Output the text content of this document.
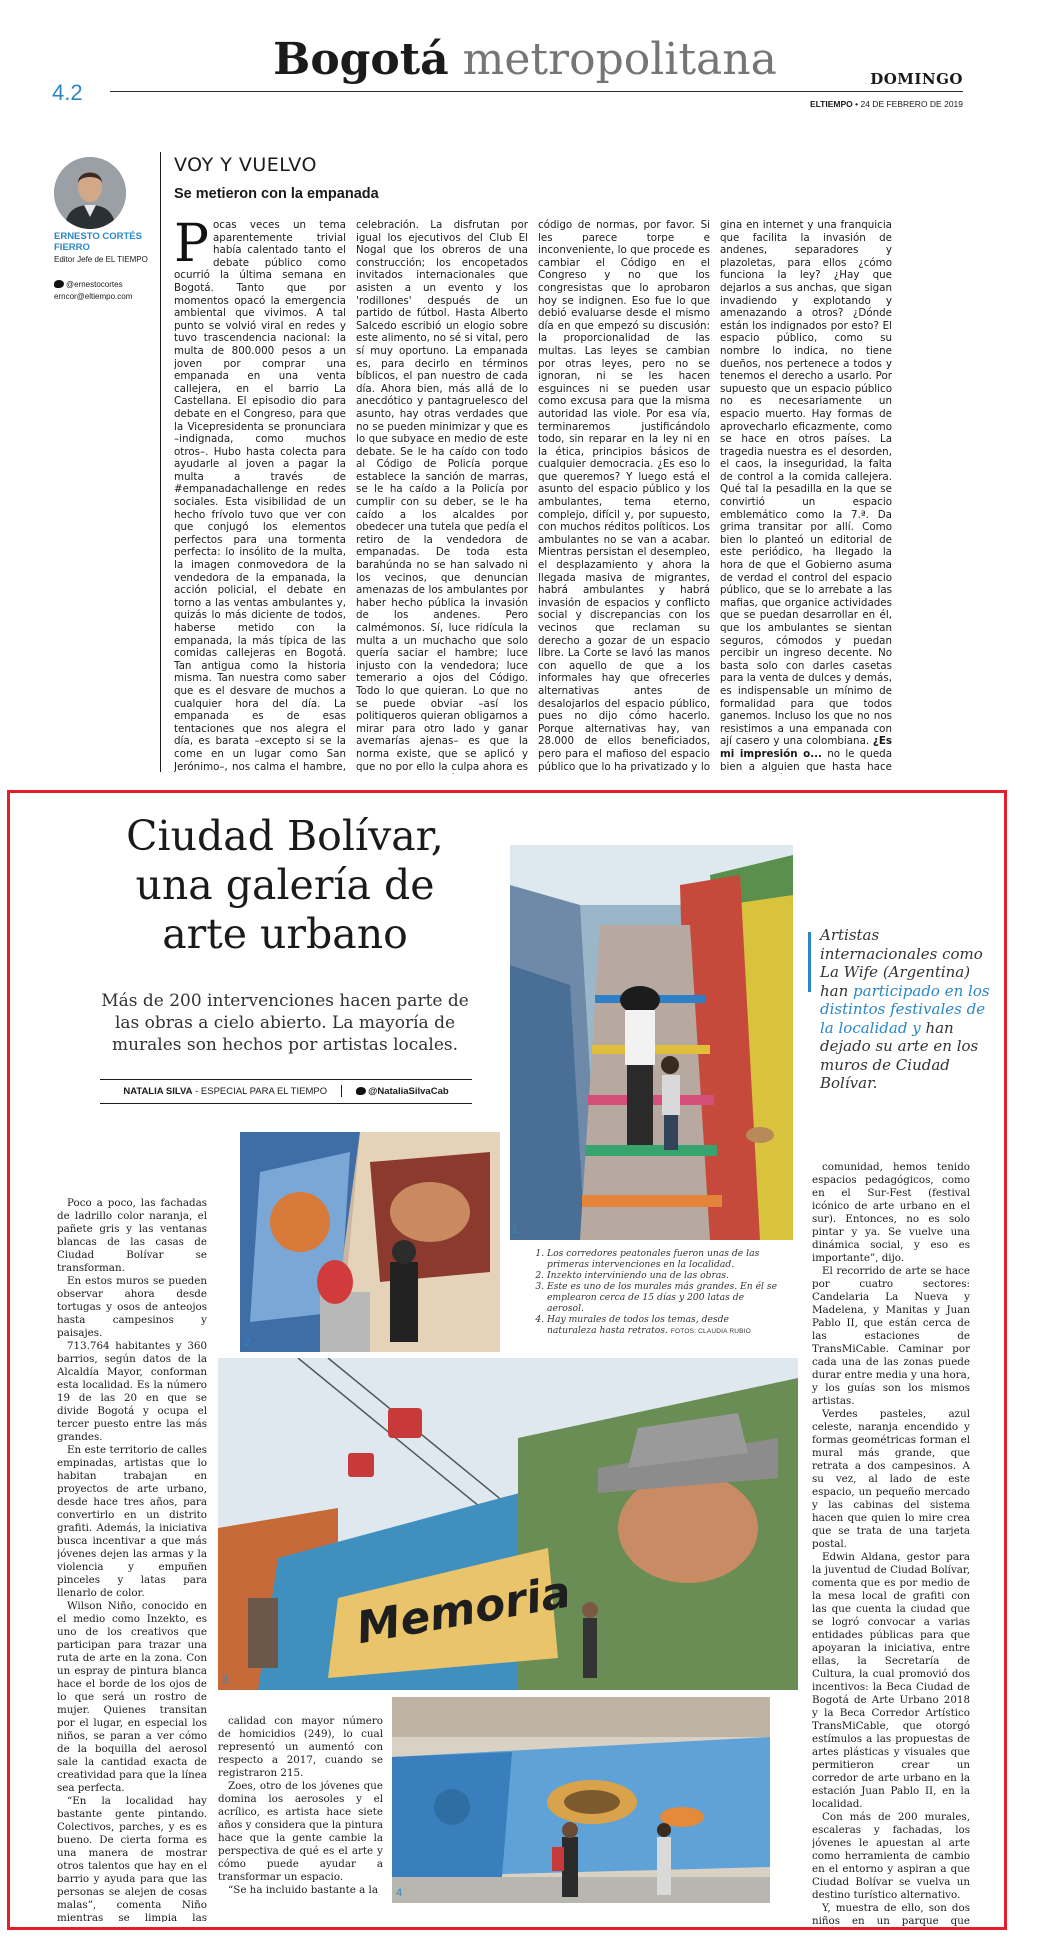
4.2
Bogotá metropolitana	DOMINGO
ELTIEMPO • 24 DE FEBRERO DE 2019
ERNESTO CORTÉS FIERRO
Editor Jefe de EL TIEMPO
@ernestocortes
erncor@eltiempo.com
VOY Y VUELVO
Se metieron con la empanada
Pocas veces un tema aparentemente trivial había calentado tanto el debate público como ocurrió la última semana en Bogotá. Tanto que por momentos opacó la emergencia ambiental que vivimos. A tal punto se volvió viral en redes y tuvo trascendencia nacional: la multa de 800.000 pesos a un joven por comprar una empanada en una venta callejera, en el barrio La Castellana. El episodio dio para debate en el Congreso, para que la Vicepresidenta se pronunciara –indignada, como muchos otros–. Hubo hasta colecta para ayudarle al joven a pagar la multa a través de #empanadachallenge en redes sociales. Esta visibilidad de un hecho frívolo tuvo que ver con que conjugó los elementos perfectos para una tormenta perfecta: lo insólito de la multa, la imagen conmovedora de la vendedora de la empanada, la acción policial, el debate en torno a las ventas ambulantes y, quizás lo más diciente de todos, haberse metido con la empanada, la más típica de las comidas callejeras en Bogotá. Tan antigua como la historia misma. Tan nuestra como saber que es el desvare de muchos a cualquier hora del día. La empanada es de esas tentaciones que nos alegra el día, es barata –excepto si se la come en un lugar como San Jerónimo–, nos calma el hambre,
celebración. La disfrutan por igual los ejecutivos del Club El Nogal que los obreros de una construcción; los encopetados invitados internacionales que asisten a un evento y los 'rodillones' después de un partido de fútbol. Hasta Alberto Salcedo escribió un elogio sobre este alimento, no sé si vital, pero sí muy oportuno. La empanada es, para decirlo en términos bíblicos, el pan nuestro de cada día. Ahora bien, más allá de lo anecdótico y pantagruelesco del asunto, hay otras verdades que no se pueden minimizar y que es lo que subyace en medio de este debate. Se le ha caído con todo al Código de Policía porque establece la sanción de marras, se le ha caído a la Policía por cumplir con su deber, se le ha caído a los alcaldes por obedecer una tutela que pedía el retiro de la vendedora de empanadas. De toda esta barahúnda no se han salvado ni los vecinos, que denuncian amenazas de los ambulantes por haber hecho pública la invasión de los andenes. Pero calmémonos. Sí, luce ridícula la multa a un muchacho que solo quería saciar el hambre; luce injusto con la vendedora; luce temerario a ojos del Código. Todo lo que quieran. Lo que no se puede obviar –así los politiqueros quieran obligarnos a mirar para otro lado y ganar avemarías ajenas– es que la norma existe, que se aplicó y que no por ello la culpa ahora es
código de normas, por favor. Si les parece torpe e inconveniente, lo que procede es cambiar el Código en el Congreso y no que los congresistas que lo aprobaron hoy se indignen. Eso fue lo que debió evaluarse desde el mismo día en que empezó su discusión: la proporcionalidad de las multas. Las leyes se cambian por otras leyes, pero no se ignoran, ni se les hacen esguinces ni se pueden usar como excusa para que la misma autoridad las viole. Por esa vía, terminaremos justificándolo todo, sin reparar en la ley ni en la ética, principios básicos de cualquier democracia. ¿Es eso lo que queremos? Y luego está el asunto del espacio público y los ambulantes, tema eterno, complejo, difícil y, por supuesto, con muchos réditos políticos. Los ambulantes no se van a acabar. Mientras persistan el desempleo, el desplazamiento y ahora la llegada masiva de migrantes, habrá ambulantes y habrá invasión de espacios y conflicto social y discrepancias con los vecinos que reclaman su derecho a gozar de un espacio libre. La Corte se lavó las manos con aquello de que a los informales hay que ofrecerles alternativas antes de desalojarlos del espacio público, pues no dijo cómo hacerlo. Porque alternativas hay, van 28.000 de ellos beneficiados, pero para el mafioso del espacio público que lo ha privatizado y lo
gina en internet y una franquicia que facilita la invasión de andenes, separadores y plazoletas, para ellos ¿cómo funciona la ley? ¿Hay que dejarlos a sus anchas, que sigan invadiendo y explotando y amenazando a otros? ¿Dónde están los indignados por esto? El espacio público, como su nombre lo indica, no tiene dueños, nos pertenece a todos y tenemos el derecho a usarlo. Por supuesto que un espacio público no es necesariamente un espacio muerto. Hay formas de aprovecharlo eficazmente, como se hace en otros países. La tragedia nuestra es el desorden, el caos, la inseguridad, la falta de control a la comida callejera. Qué tal la pesadilla en la que se convirtió un espacio emblemático como la 7.ª. Da grima transitar por allí. Como bien lo planteó un editorial de este periódico, ha llegado la hora de que el Gobierno asuma de verdad el control del espacio público, que se lo arrebate a las mafias, que organice actividades que se puedan desarrollar en él, que los ambulantes se sientan seguros, cómodos y puedan percibir un ingreso decente. No basta solo con darles casetas para la venta de dulces y demás, es indispensable un mínimo de formalidad para que todos ganemos. Incluso los que no nos resistimos a una empanada con ají casero y una colombiana. ¿Es mi impresión o... no le queda bien a alguien que hasta hace
Ciudad Bolívar, una galería de arte urbano
Más de 200 intervenciones hacen parte de las obras a cielo abierto. La mayoría de murales son hechos por artistas locales.
NATALIA SILVA
- ESPECIAL PARA EL TIEMPO	@NataliaSilvaCab
Artistas internacionales como La Wife (Argentina) han participado en los distintos festivales de la localidad y han dejado su arte en los muros de Ciudad Bolívar.
1
2
1. Los corredores peatonales fueron unas de las primeras intervenciones en la localidad.
2. Inzekto interviniendo una de las obras.
3. Este es uno de los murales más grandes. En él se emplearon cerca de 15 días y 200 latas de aerosol.
4. Hay murales de todos los temas, desde naturaleza hasta retratos. FOTOS: CLAUDIA RUBIO
Memoria
3
4

Poco a poco, las fachadas de ladrillo color naranja, el pañete gris y las ventanas blancas de las casas de Ciudad Bolívar se transforman.

En estos muros se pueden observar ahora desde tortugas y osos de anteojos hasta campesinos y paisajes.

713.764 habitantes y 360 barrios, según datos de la Alcaldía Mayor, conforman esta localidad. Es la número 19 de las 20 en que se divide Bogotá y ocupa el tercer puesto entre las más grandes.

En este territorio de calles empinadas, artistas que lo habitan trabajan en proyectos de arte urbano, desde hace tres años, para convertirlo en un distrito grafiti. Además, la iniciativa busca incentivar a que más jóvenes dejen las armas y la violencia y empuñen pinceles y latas para llenarlo de color.

Wilson Niño, conocido en el medio como Inzekto, es uno de los creativos que participan para trazar una ruta de arte en la zona. Con un espray de pintura blanca hace el borde de los ojos de lo que será un rostro de mujer. Quienes transitan por el lugar, en especial los niños, se paran a ver cómo de la boquilla del aerosol sale la cantidad exacta de creatividad para que la línea sea perfecta.

“En la localidad hay bastante gente pintando. Colectivos, parches, y es es bueno. De cierta forma es una manera de mostrar otros talentos que hay en el barrio y ayuda para que las personas se alejen de cosas malas”, comenta Niño mientras se limpia las

calidad con mayor número de homicidios (249), lo cual representó un aumentó con respecto a 2017, cuando se registraron 215.

Zoes, otro de los jóvenes que domina los aerosoles y el acrílico, es artista hace siete años y considera que la pintura hace que la gente cambie la perspectiva de qué es el arte y cómo puede ayudar a transformar un espacio.

“Se ha incluido bastante a la

comunidad, hemos tenido espacios pedagógicos, como en el Sur-Fest (festival icónico de arte urbano en el sur). Entonces, no es solo pintar y ya. Se vuelve una dinámica social, y eso es importante”, dijo.

El recorrido de arte se hace por cuatro sectores: Candelaria La Nueva y Madelena, y Manitas y Juan Pablo II, que están cerca de las estaciones de TransMiCable. Caminar por cada una de las zonas puede durar entre media y una hora, y los guías son los mismos artistas.

Verdes pasteles, azul celeste, naranja encendido y formas geométricas forman el mural más grande, que retrata a dos campesinos. A su vez, al lado de este espacio, un pequeño mercado y las cabinas del sistema hacen que quien lo mire crea que se trata de una tarjeta postal.

Edwin Aldana, gestor para la juventud de Ciudad Bolívar, comenta que es por medio de la mesa local de grafiti con las que cuenta la ciudad que se logró convocar a varias entidades públicas para que apoyaran la iniciativa, entre ellas, la Secretaría de Cultura, la cual promovió dos incentivos: la Beca Ciudad de Bogotá de Arte Urbano 2018 y la Beca Corredor Artístico TransMiCable, que otorgó estímulos a las propuestas de artes plásticas y visuales que permitieron crear un corredor de arte urbano en la estación Juan Pablo II, en la localidad.

Con más de 200 murales, escaleras y fachadas, los jóvenes le apuestan al arte como herramienta de cambio en el entorno y aspiran a que Ciudad Bolívar se vuelva un destino turístico alternativo.

Y, muestra de ello, son dos niños en un parque que
